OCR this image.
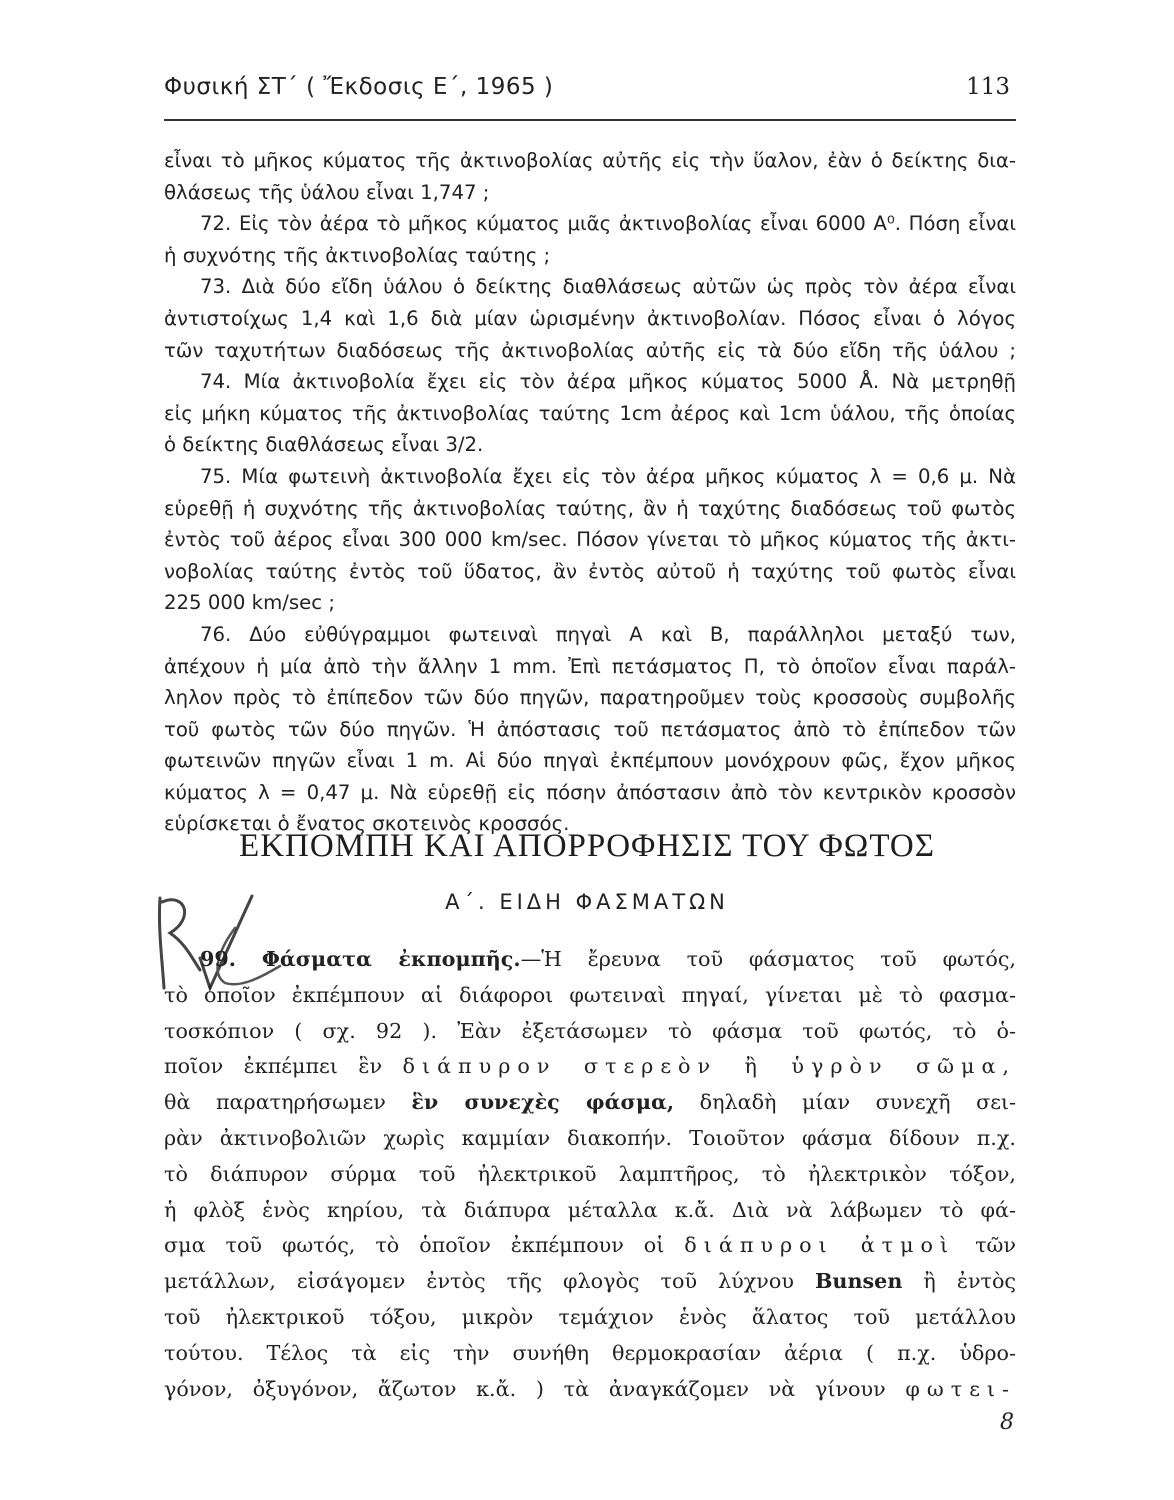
Φυσική ΣΤ΄ ( Ἔκδοσις Ε΄, 1965 )	113
εἶναι τὸ μῆκος κύματος τῆς ἀκτινοβολίας αὐτῆς εἰς τὴν ὕαλον, ἐὰν ὁ δείκτης δια-
θλάσεως τῆς ὑάλου εἶναι 1,747 ;
72. Εἰς τὸν ἀέρα τὸ μῆκος κύματος μιᾶς ἀκτινοβολίας εἶναι 6000 A⁰. Πόση εἶναι
ἡ συχνότης τῆς ἀκτινοβολίας ταύτης ;
73. Διὰ δύο εἴδη ὑάλου ὁ δείκτης διαθλάσεως αὐτῶν ὡς πρὸς τὸν ἀέρα εἶναι
ἀντιστοίχως 1,4 καὶ 1,6 διὰ μίαν ὡρισμένην ἀκτινοβολίαν. Πόσος εἶναι ὁ λόγος
τῶν ταχυτήτων διαδόσεως τῆς ἀκτινοβολίας αὐτῆς εἰς τὰ δύο εἴδη τῆς ὑάλου ;
74. Μία ἀκτινοβολία ἔχει εἰς τὸν ἀέρα μῆκος κύματος 5000 Å. Νὰ μετρηθῇ
εἰς μήκη κύματος τῆς ἀκτινοβολίας ταύτης 1cm ἀέρος καὶ 1cm ὑάλου, τῆς ὁποίας
ὁ δείκτης διαθλάσεως εἶναι 3/2.
75. Μία φωτεινὴ ἀκτινοβολία ἔχει εἰς τὸν ἀέρα μῆκος κύματος λ = 0,6 μ. Νὰ
εὑρεθῇ ἡ συχνότης τῆς ἀκτινοβολίας ταύτης, ἂν ἡ ταχύτης διαδόσεως τοῦ φωτὸς
ἐντὸς τοῦ ἀέρος εἶναι 300 000 km/sec. Πόσον γίνεται τὸ μῆκος κύματος τῆς ἀκτι-
νοβολίας ταύτης ἐντὸς τοῦ ὕδατος, ἂν ἐντὸς αὐτοῦ ἡ ταχύτης τοῦ φωτὸς εἶναι
225 000 km/sec ;
76. Δύο εὐθύγραμμοι φωτειναὶ πηγαὶ Α καὶ Β, παράλληλοι μεταξύ των,
ἀπέχουν ἡ μία ἀπὸ τὴν ἄλλην 1 mm. Ἐπὶ πετάσματος Π, τὸ ὁποῖον εἶναι παράλ-
ληλον πρὸς τὸ ἐπίπεδον τῶν δύο πηγῶν, παρατηροῦμεν τοὺς κροσσοὺς συμβολῆς
τοῦ φωτὸς τῶν δύο πηγῶν. Ἡ ἀπόστασις τοῦ πετάσματος ἀπὸ τὸ ἐπίπεδον τῶν
φωτεινῶν πηγῶν εἶναι 1 m. Αἱ δύο πηγαὶ ἐκπέμπουν μονόχρουν φῶς, ἔχον μῆκος
κύματος λ = 0,47 μ. Νὰ εὑρεθῇ εἰς πόσην ἀπόστασιν ἀπὸ τὸν κεντρικὸν κροσσὸν
εὑρίσκεται ὁ ἔνατος σκοτεινὸς κροσσός.
ΕΚΠΟΜΠΗ ΚΑΙ ΑΠΟΡΡΟΦΗΣΙΣ ΤΟΥ ΦΩΤΟΣ
Α΄. ΕΙΔΗ ΦΑΣΜΑΤΩΝ
99. Φάσματα ἐκπομπῆς.—Ἡ ἔρευνα τοῦ φάσματος τοῦ φωτός,
τὸ ὁποῖον ἐκπέμπουν αἱ διάφοροι φωτειναὶ πηγαί, γίνεται μὲ τὸ φασμα-
τοσκόπιον ( σχ. 92 ). Ἐὰν ἐξετάσωμεν τὸ φάσμα τοῦ φωτός, τὸ ὁ-
ποῖον ἐκπέμπει ἓν διάπυρον στερεὸν ἢ ὑγρὸν σῶμα,
θὰ παρατηρήσωμεν ἓν συνεχὲς φάσμα, δηλαδὴ μίαν συνεχῆ σει-
ρὰν ἀκτινοβολιῶν χωρὶς καμμίαν διακοπήν. Τοιοῦτον φάσμα δίδουν π.χ.
τὸ διάπυρον σύρμα τοῦ ἠλεκτρικοῦ λαμπτῆρος, τὸ ἠλεκτρικὸν τόξον,
ἡ φλὸξ ἑνὸς κηρίου, τὰ διάπυρα μέταλλα κ.ἄ. Διὰ νὰ λάβωμεν τὸ φά-
σμα τοῦ φωτός, τὸ ὁποῖον ἐκπέμπουν οἱ διάπυροι ἀτμοὶ τῶν
μετάλλων, εἰσάγομεν ἐντὸς τῆς φλογὸς τοῦ λύχνου Bunsen ἢ ἐντὸς
τοῦ ἠλεκτρικοῦ τόξου, μικρὸν τεμάχιον ἑνὸς ἅλατος τοῦ μετάλλου
τούτου. Τέλος τὰ εἰς τὴν συνήθη θερμοκρασίαν ἀέρια ( π.χ. ὑδρο-
γόνον, ὀξυγόνον, ἄζωτον κ.ἄ. ) τὰ ἀναγκάζομεν νὰ γίνουν φωτει-
8
